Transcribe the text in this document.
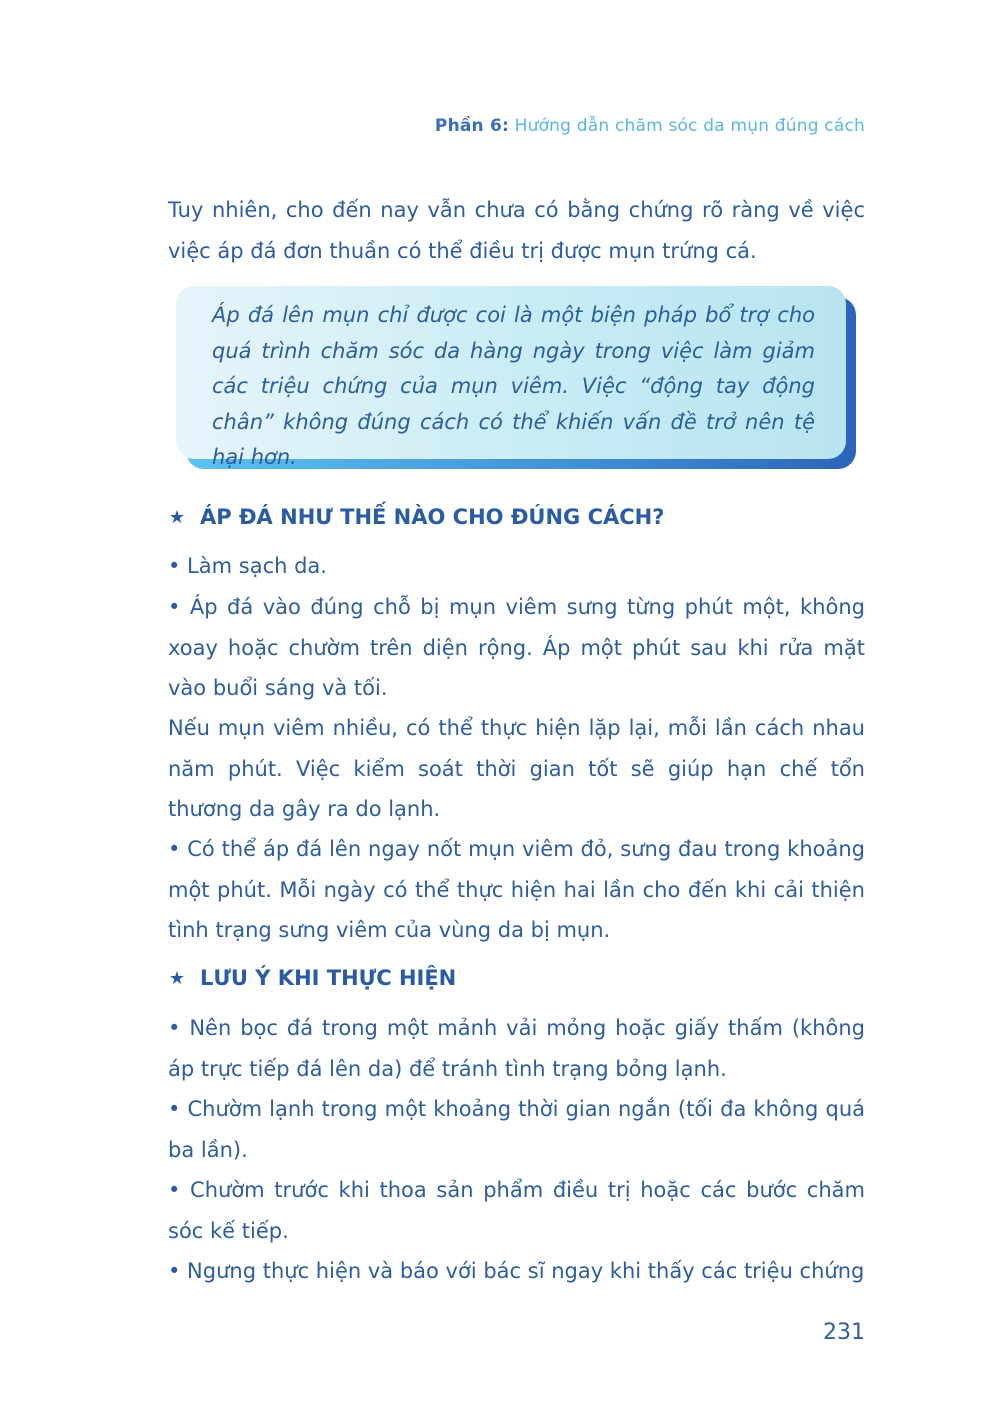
Phần 6: Hướng dẫn chăm sóc da mụn đúng cách

Tuy nhiên, cho đến nay vẫn chưa có bằng chứng rõ ràng về việc việc áp đá đơn thuần có thể điều trị được mụn trứng cá.

Áp đá lên mụn chỉ được coi là một biện pháp bổ trợ cho quá trình chăm sóc da hàng ngày trong việc làm giảm các triệu chứng của mụn viêm. Việc “động tay động chân” không đúng cách có thể khiến vấn đề trở nên tệ hại hơn.

★ ÁP ĐÁ NHƯ THẾ NÀO CHO ĐÚNG CÁCH?

• Làm sạch da.

• Áp đá vào đúng chỗ bị mụn viêm sưng từng phút một, không xoay hoặc chườm trên diện rộng. Áp một phút sau khi rửa mặt vào buổi sáng và tối.

Nếu mụn viêm nhiều, có thể thực hiện lặp lại, mỗi lần cách nhau năm phút. Việc kiểm soát thời gian tốt sẽ giúp hạn chế tổn thương da gây ra do lạnh.

• Có thể áp đá lên ngay nốt mụn viêm đỏ, sưng đau trong khoảng một phút. Mỗi ngày có thể thực hiện hai lần cho đến khi cải thiện tình trạng sưng viêm của vùng da bị mụn.

★ LƯU Ý KHI THỰC HIỆN

• Nên bọc đá trong một mảnh vải mỏng hoặc giấy thấm (không áp trực tiếp đá lên da) để tránh tình trạng bỏng lạnh.

• Chườm lạnh trong một khoảng thời gian ngắn (tối đa không quá ba lần).

• Chườm trước khi thoa sản phẩm điều trị hoặc các bước chăm sóc kế tiếp.

• Ngưng thực hiện và báo với bác sĩ ngay khi thấy các triệu chứng

231
